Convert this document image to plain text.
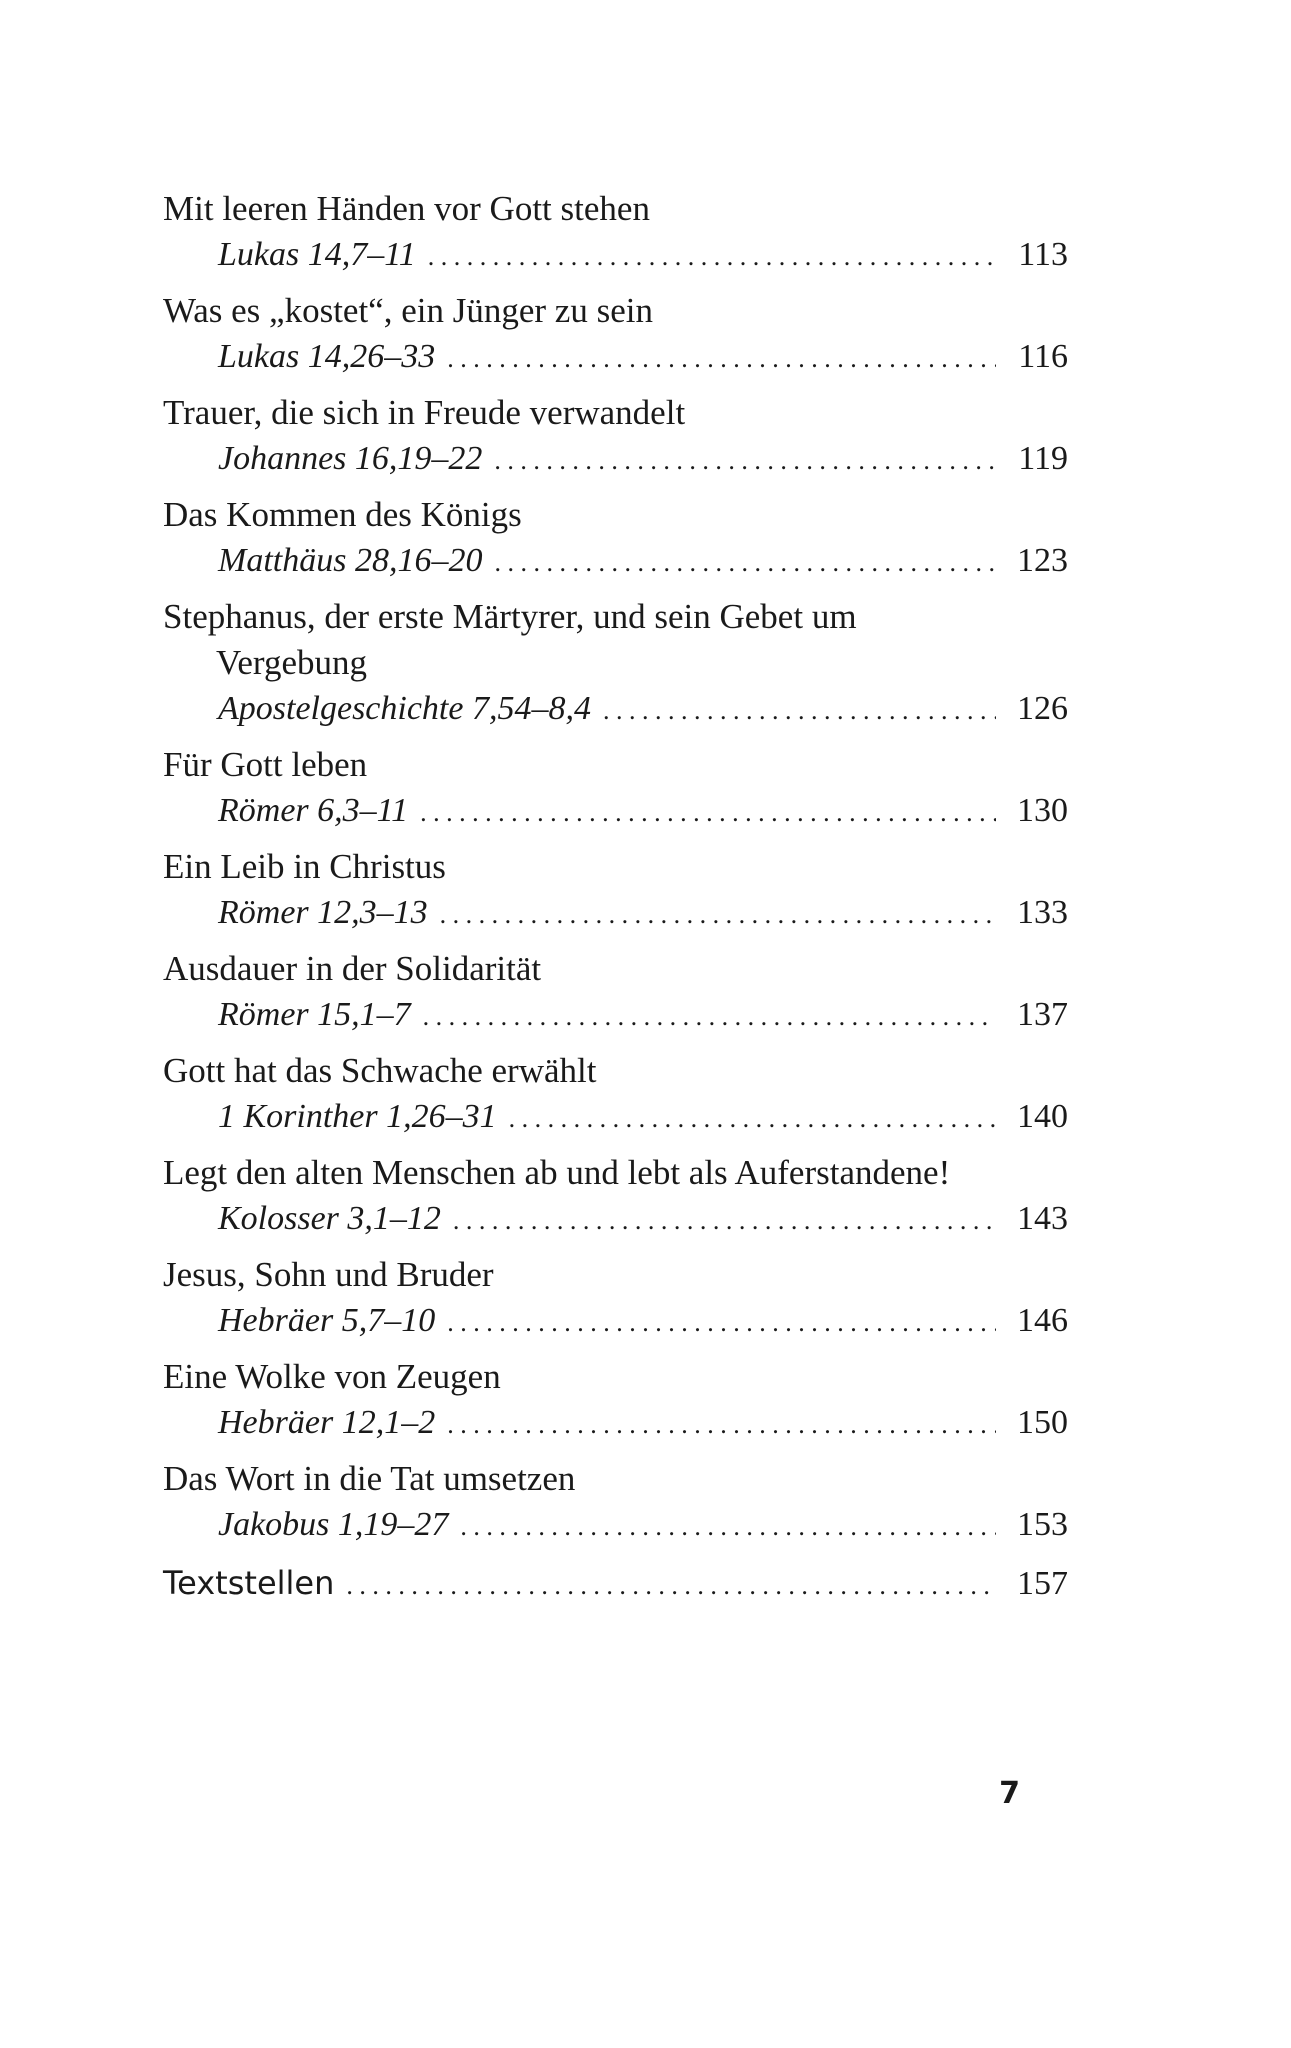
Mit leeren Händen vor Gott stehen
Lukas 14,7–11 . . .	113
Was es „kostet“, ein Jünger zu sein
Lukas 14,26–33 . . .	116
Trauer, die sich in Freude verwandelt
Johannes 16,19–22 . . .	119
Das Kommen des Königs
Matthäus 28,16–20 . . .	123
Stephanus, der erste Märtyrer, und sein Gebet um
Vergebung
Apostelgeschichte 7,54–8,4 . . .	126
Für Gott leben
Römer 6,3–11 . . .	130
Ein Leib in Christus
Römer 12,3–13 . . .	133
Ausdauer in der Solidarität
Römer 15,1–7 . . .	137
Gott hat das Schwache erwählt
1 Korinther 1,26–31 . . .	140
Legt den alten Menschen ab und lebt als Auferstandene!
Kolosser 3,1–12 . . .	143
Jesus, Sohn und Bruder
Hebräer 5,7–10 . . .	146
Eine Wolke von Zeugen
Hebräer 12,1–2 . . .	150
Das Wort in die Tat umsetzen
Jakobus 1,19–27 . . .	153
Textstellen . . .	157
7
